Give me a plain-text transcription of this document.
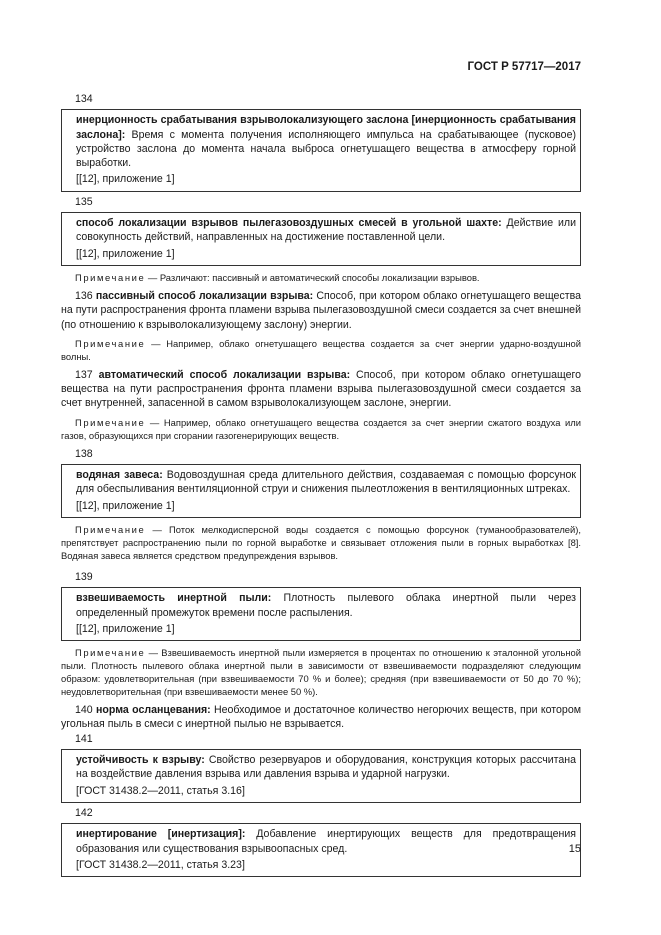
ГОСТ Р 57717—2017
134
инерционность срабатывания взрыволокализующего заслона [инерционность срабатывания заслона]: Время с момента получения исполняющего импульса на срабатывающее (пусковое) устройство заслона до момента начала выброса огнетушащего вещества в атмосферу горной выработки.
[[12], приложение 1]
135
способ локализации взрывов пылегазовоздушных смесей в угольной шахте: Действие или совокупность действий, направленных на достижение поставленной цели.
[[12], приложение 1]
Примечание — Различают: пассивный и автоматический способы локализации взрывов.

136 пассивный способ локализации взрыва: Способ, при котором облако огнетушащего вещества на пути распространения фронта пламени взрыва пылегазовоздушной смеси создается за счет внешней (по отношению к взрыволокализующему заслону) энергии.

Примечание — Например, облако огнетушащего вещества создается за счет энергии ударно-воздушной волны.

137 автоматический способ локализации взрыва: Способ, при котором облако огнетушащего вещества на пути распространения фронта пламени взрыва пылегазовоздушной смеси создается за счет внутренней, запасенной в самом взрыволокализующем заслоне, энергии.

Примечание — Например, облако огнетушащего вещества создается за счет энергии сжатого воздуха или газов, образующихся при сгорании газогенерирующих веществ.
138
водяная завеса: Водовоздушная среда длительного действия, создаваемая с помощью форсунок для обеспыливания вентиляционной струи и снижения пылеотложения в вентиляционных штреках.
[[12], приложение 1]
Примечание — Поток мелкодисперсной воды создается с помощью форсунок (туманообразователей), препятствует распространению пыли по горной выработке и связывает отложения пыли в горных выработках [8]. Водяная завеса является средством предупреждения взрывов.
139
взвешиваемость инертной пыли: Плотность пылевого облака инертной пыли через определенный промежуток времени после распыления.
[[12], приложение 1]
Примечание — Взвешиваемость инертной пыли измеряется в процентах по отношению к эталонной угольной пыли. Плотность пылевого облака инертной пыли в зависимости от взвешиваемости подразделяют следующим образом: удовлетворительная (при взвешиваемости 70 % и более); средняя (при взвешиваемости от 50 до 70 %); неудовлетворительная (при взвешиваемости менее 50 %).

140 норма осланцевания: Необходимое и достаточное количество негорючих веществ, при котором угольная пыль в смеси с инертной пылью не взрывается.

141
устойчивость к взрыву: Свойство резервуаров и оборудования, конструкция которых рассчитана на воздействие давления взрыва или давления взрыва и ударной нагрузки.
[ГОСТ 31438.2—2011, статья 3.16]
142
инертирование [инертизация]: Добавление инертирующих веществ для предотвращения образования или существования взрывоопасных сред.
[ГОСТ 31438.2—2011, статья 3.23]
15
